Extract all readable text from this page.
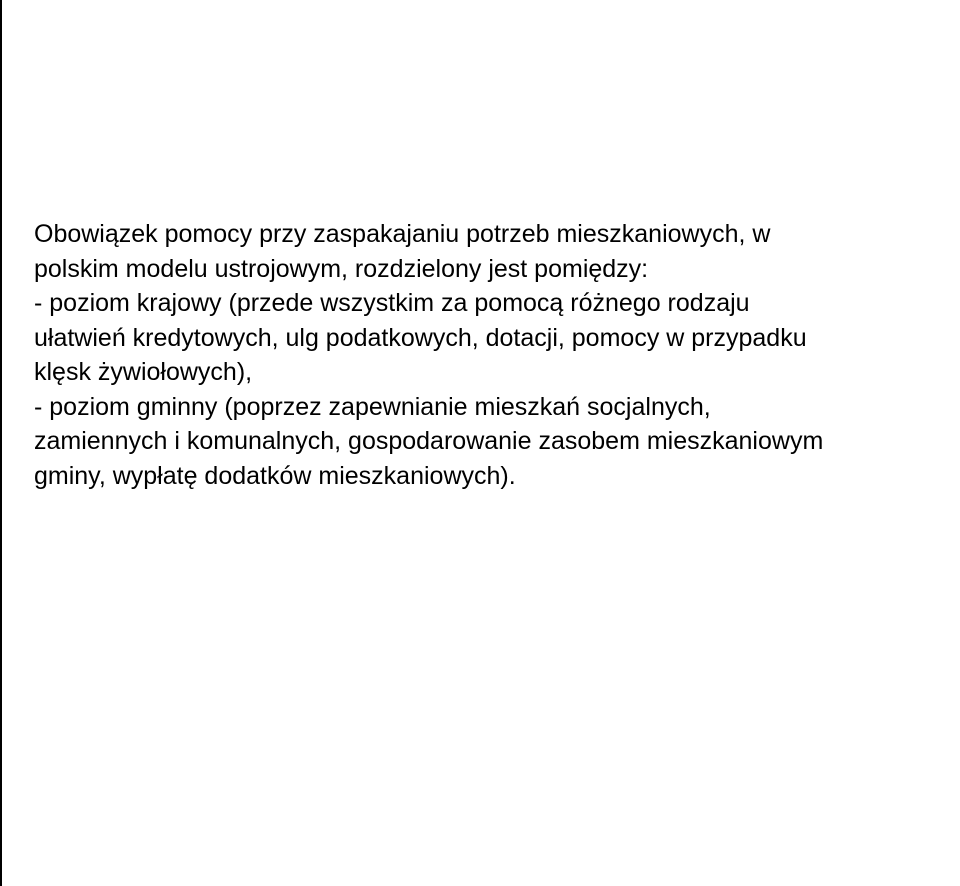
Obowiązek pomocy przy zaspakajaniu potrzeb mieszkaniowych, w
polskim modelu ustrojowym, rozdzielony jest pomiędzy:
- poziom krajowy (przede wszystkim za pomocą różnego rodzaju
ułatwień kredytowych, ulg podatkowych, dotacji, pomocy w przypadku
klęsk żywiołowych),
- poziom gminny (poprzez zapewnianie mieszkań socjalnych,
zamiennych i komunalnych, gospodarowanie zasobem mieszkaniowym
gminy, wypłatę dodatków mieszkaniowych).
